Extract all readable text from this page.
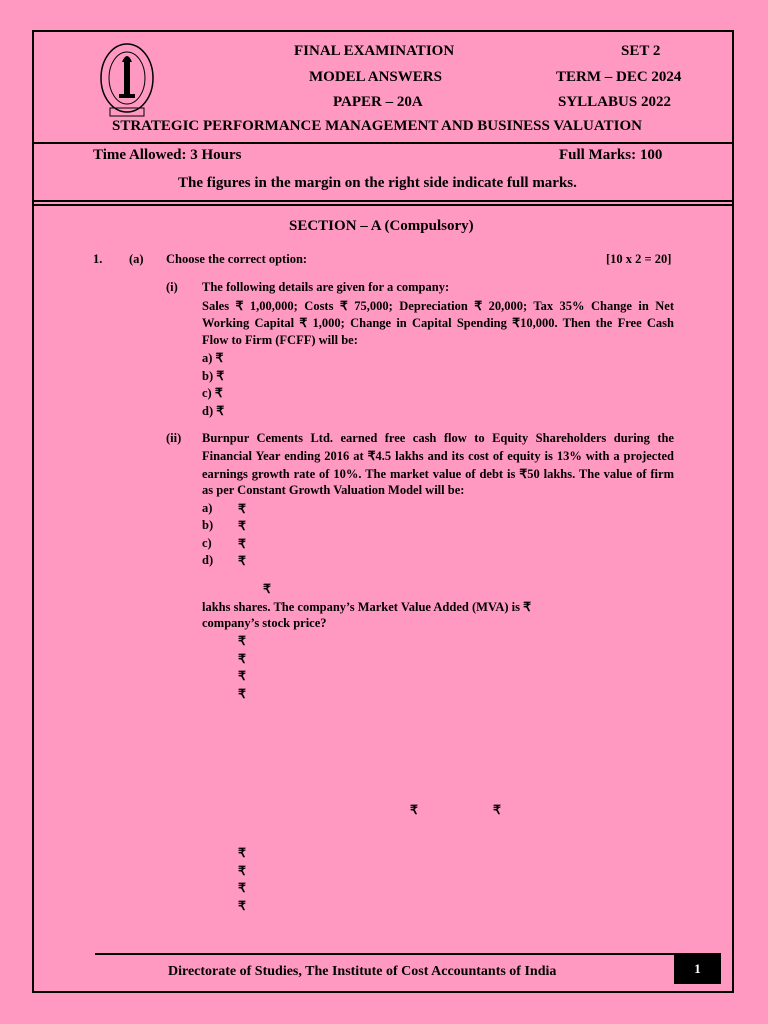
FINAL EXAMINATION	SET 2
MODEL ANSWERS	TERM – DEC 2024
PAPER – 20A	SYLLABUS 2022
STRATEGIC PERFORMANCE MANAGEMENT AND BUSINESS VALUATION
Time Allowed: 3 Hours	Full Marks: 100
The figures in the margin on the right side indicate full marks.
SECTION – A (Compulsory)
1. (a) Choose the correct option:	[10 x 2 = 20]
(i) The following details are given for a company:
Sales ₹ 1,00,000; Costs ₹ 75,000; Depreciation ₹ 20,000; Tax 35% Change in Net
Working Capital ₹ 1,000; Change in Capital Spending ₹10,000. Then the Free Cash
Flow to Firm (FCFF) will be:
a) ₹
b) ₹
c) ₹
d) ₹
(ii) Burnpur Cements Ltd. earned free cash flow to Equity Shareholders during the
Financial Year ending 2016 at ₹4.5 lakhs and its cost of equity is 13% with a projected
earnings growth rate of 10%. The market value of debt is ₹50 lakhs. The value of firm
as per Constant Growth Valuation Model will be:
a) ₹
b) ₹
c) ₹
d) ₹
₹
lakhs shares. The company’s Market Value Added (MVA) is ₹
company’s stock price?
₹
₹
₹
₹
₹	₹
₹
₹
₹
₹
Directorate of Studies, The Institute of Cost Accountants of India	1
